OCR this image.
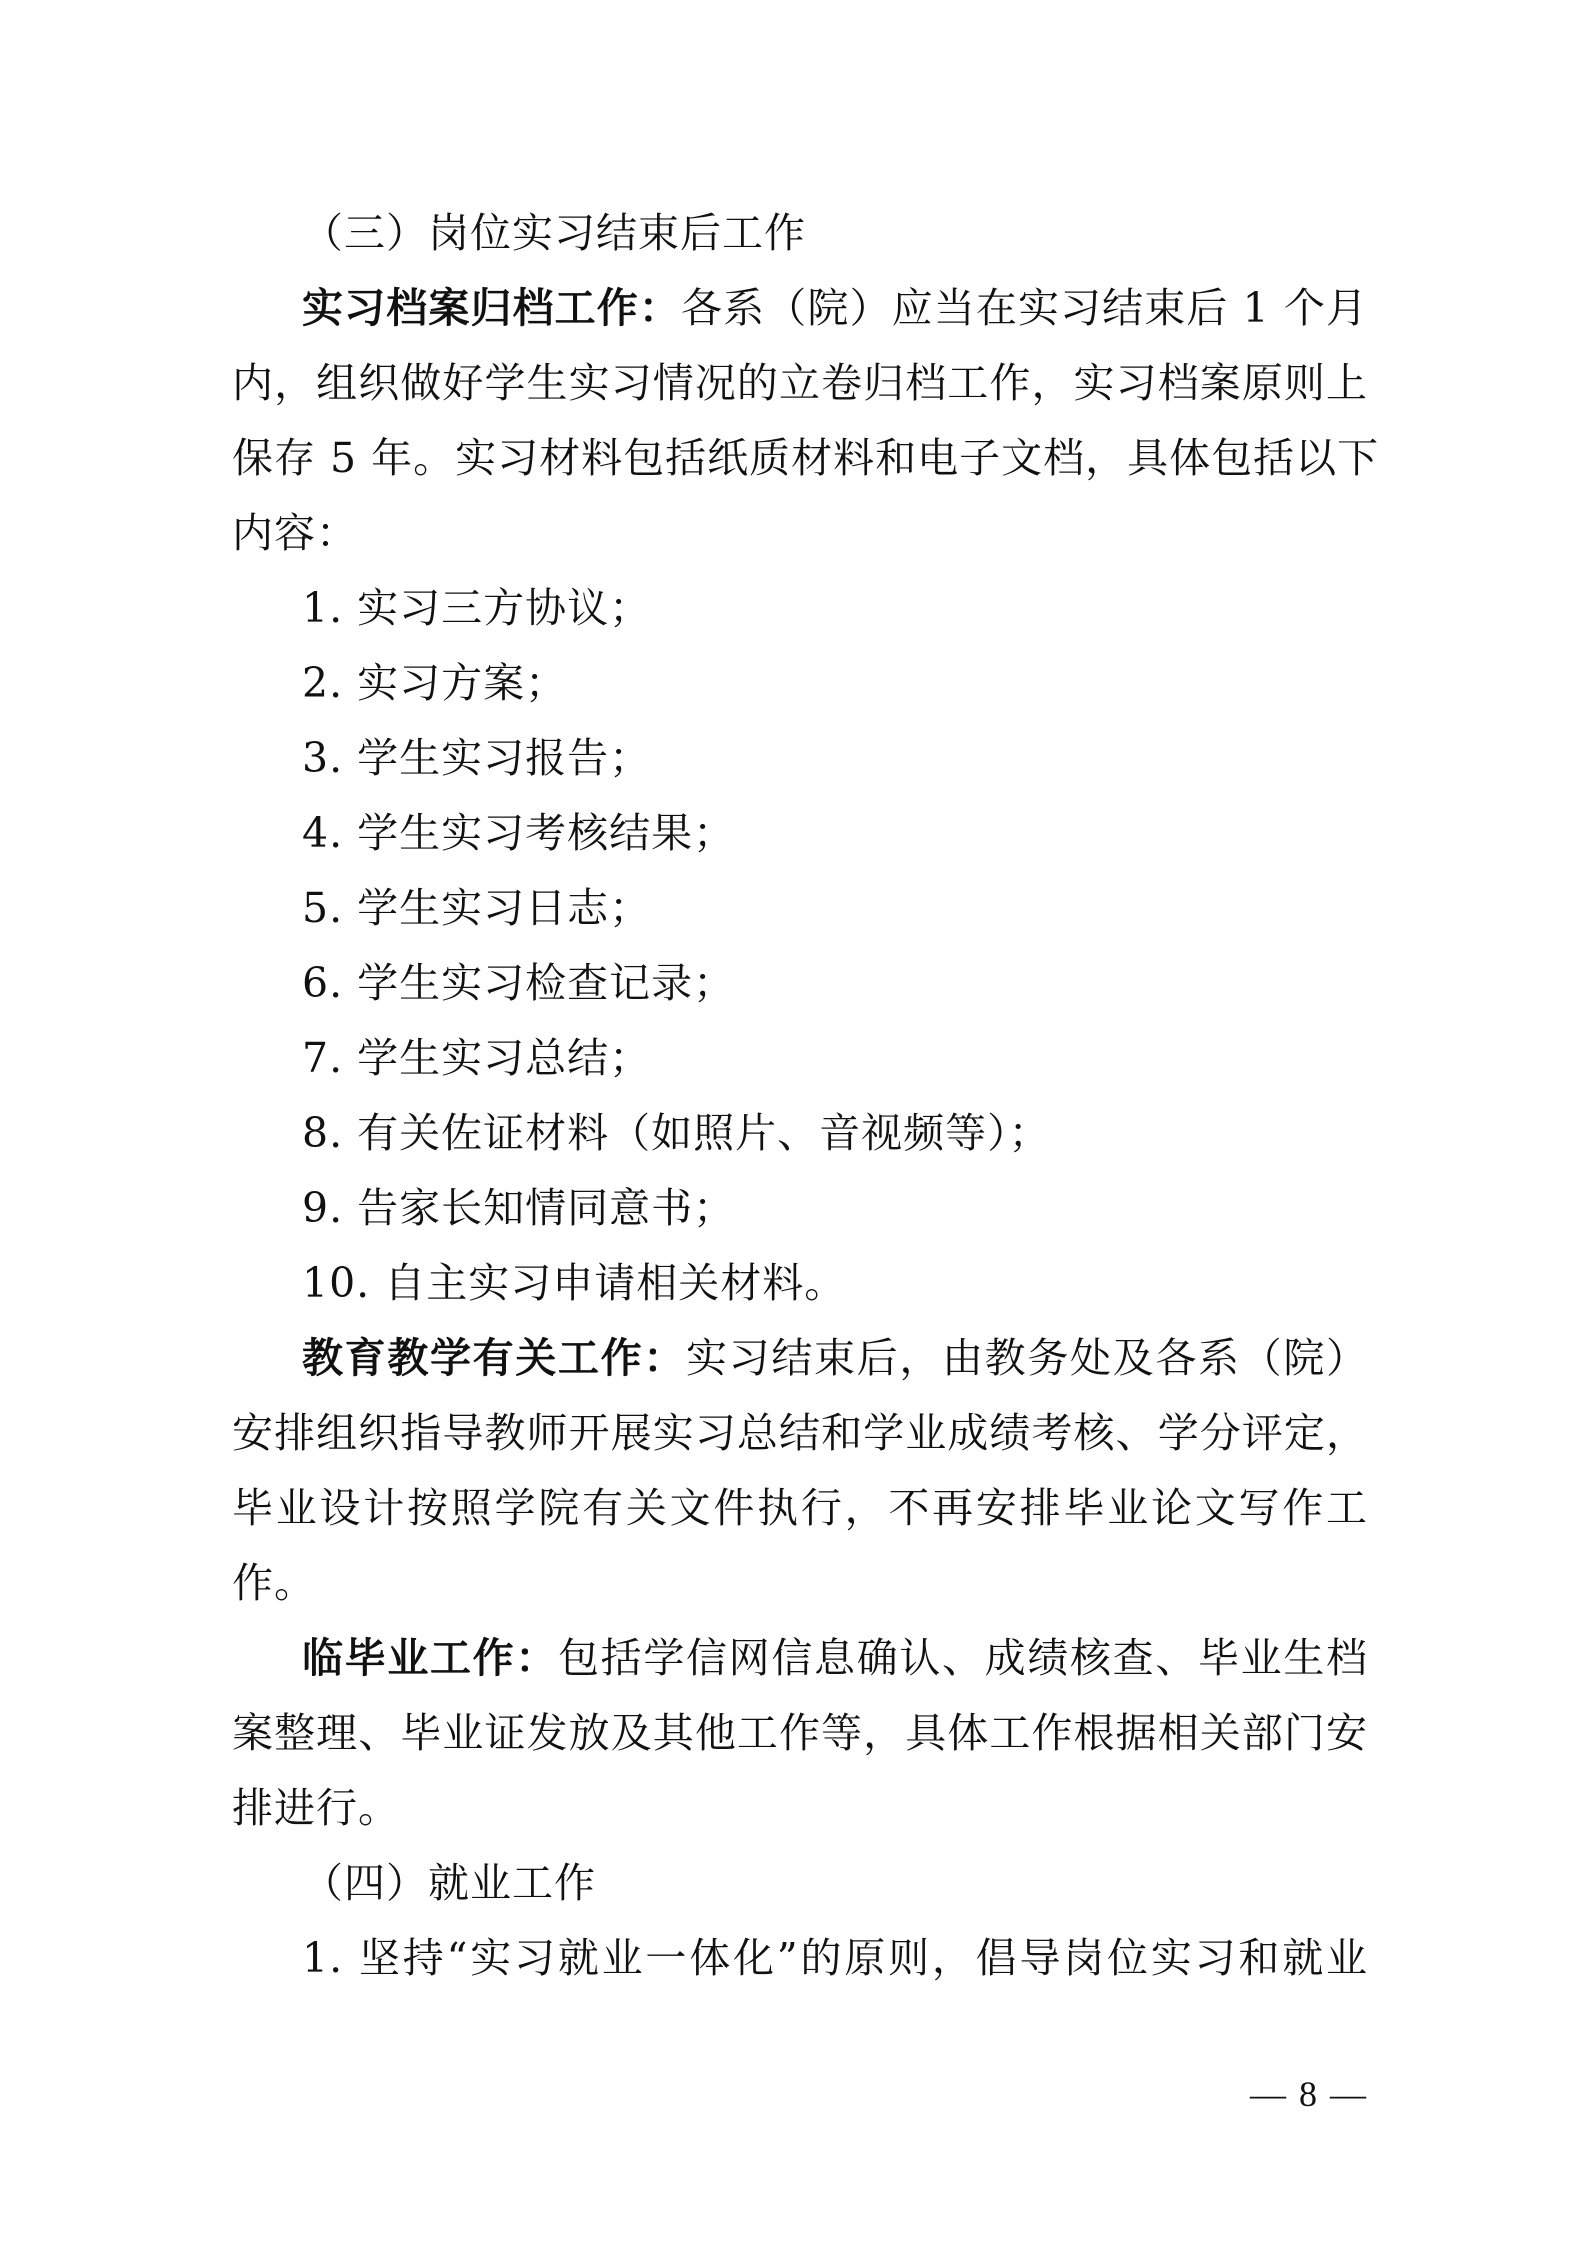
（三）岗位实习结束后工作
实习档案归档工作：各系（院）应当在实习结束后 1 个月
内，组织做好学生实习情况的立卷归档工作，实习档案原则上
保存 5 年。实习材料包括纸质材料和电子文档，具体包括以下
内容：
1. 实习三方协议；
2. 实习方案；
3. 学生实习报告；
4. 学生实习考核结果；
5. 学生实习日志；
6. 学生实习检查记录；
7. 学生实习总结；
8. 有关佐证材料（如照片、音视频等）；
9. 告家长知情同意书；
10. 自主实习申请相关材料。
教育教学有关工作：实习结束后，由教务处及各系（院）
安排组织指导教师开展实习总结和学业成绩考核、学分评定，
毕业设计按照学院有关文件执行，不再安排毕业论文写作工
作。
临毕业工作：包括学信网信息确认、成绩核查、毕业生档
案整理、毕业证发放及其他工作等，具体工作根据相关部门安
排进行。
（四）就业工作
1. 坚持“实习就业一体化”的原则，倡导岗位实习和就业
— 8 —
